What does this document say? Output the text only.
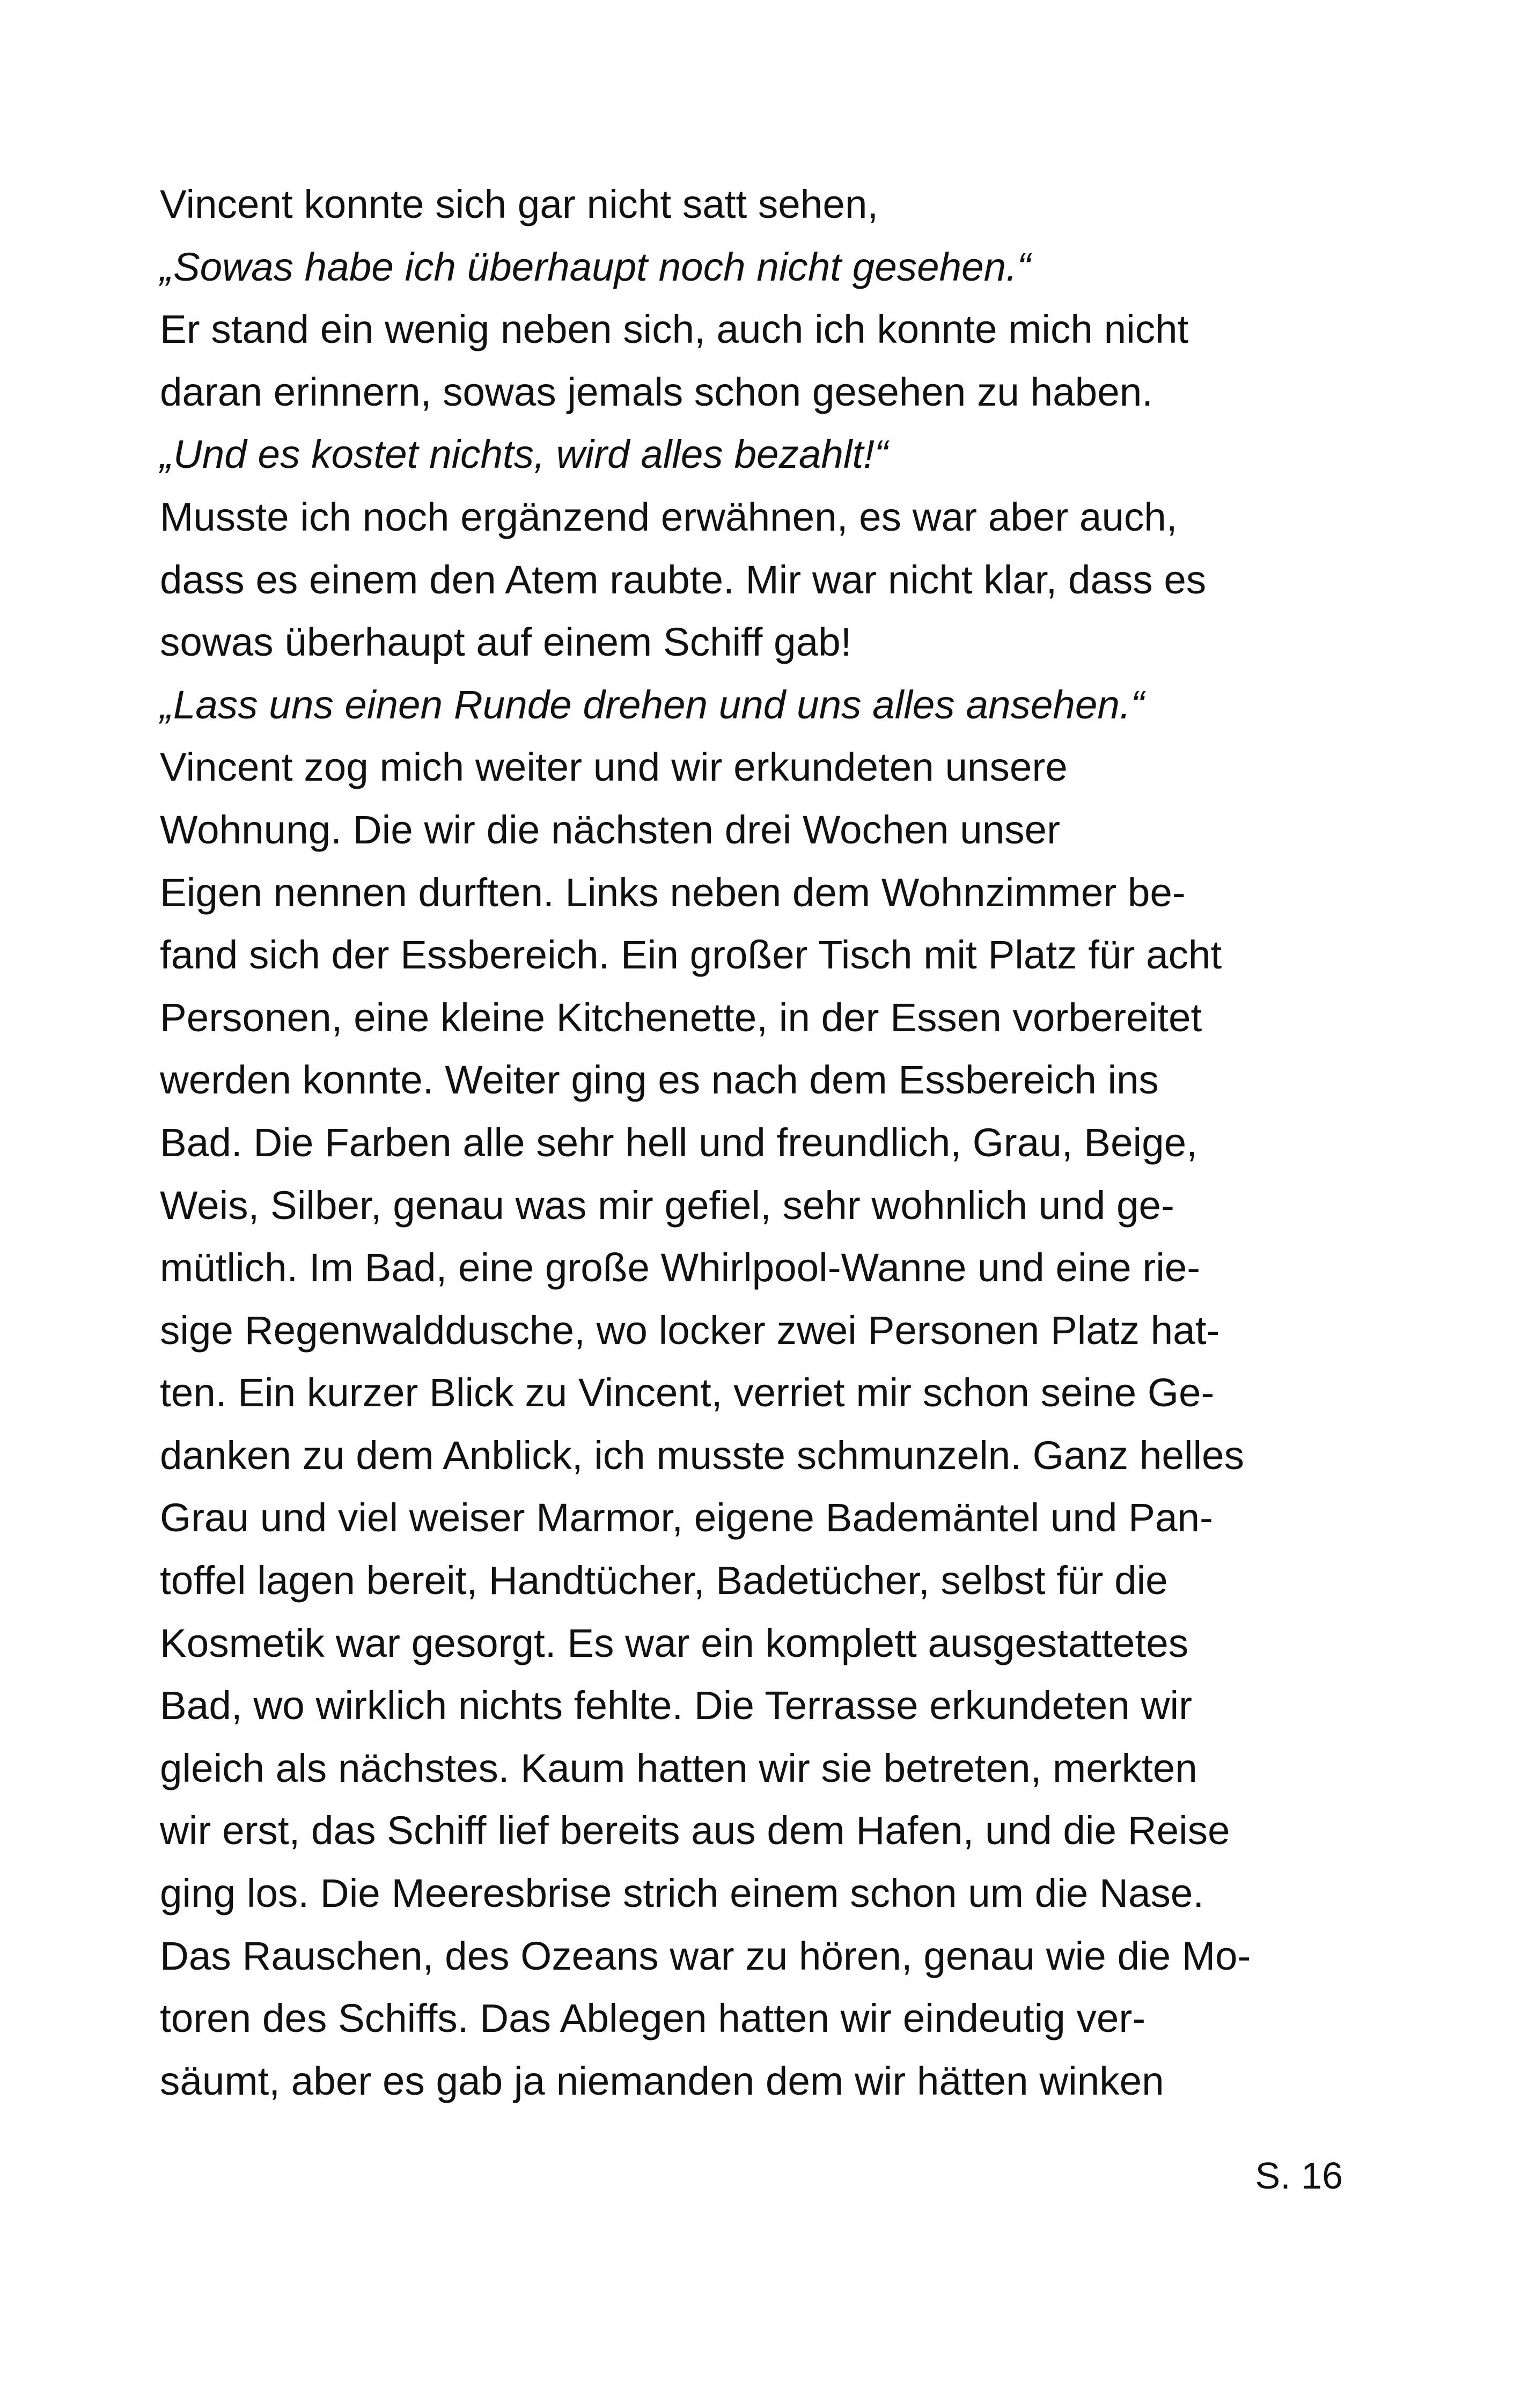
Vincent konnte sich gar nicht satt sehen,
„Sowas habe ich überhaupt noch nicht gesehen.“
Er stand ein wenig neben sich, auch ich konnte mich nicht
daran erinnern, sowas jemals schon gesehen zu haben.
„Und es kostet nichts, wird alles bezahlt!“
Musste ich noch ergänzend erwähnen, es war aber auch,
dass es einem den Atem raubte. Mir war nicht klar, dass es
sowas überhaupt auf einem Schiff gab!
„Lass uns einen Runde drehen und uns alles ansehen.“
Vincent zog mich weiter und wir erkundeten unsere
Wohnung. Die wir die nächsten drei Wochen unser
Eigen nennen durften. Links neben dem Wohnzimmer be-
fand sich der Essbereich. Ein großer Tisch mit Platz für acht
Personen, eine kleine Kitchenette, in der Essen vorbereitet
werden konnte. Weiter ging es nach dem Essbereich ins
Bad. Die Farben alle sehr hell und freundlich, Grau, Beige,
Weis, Silber, genau was mir gefiel, sehr wohnlich und ge-
mütlich. Im Bad, eine große Whirlpool-Wanne und eine rie-
sige Regenwalddusche, wo locker zwei Personen Platz hat-
ten. Ein kurzer Blick zu Vincent, verriet mir schon seine Ge-
danken zu dem Anblick, ich musste schmunzeln. Ganz helles
Grau und viel weiser Marmor, eigene Bademäntel und Pan-
toffel lagen bereit, Handtücher, Badetücher, selbst für die
Kosmetik war gesorgt. Es war ein komplett ausgestattetes
Bad, wo wirklich nichts fehlte. Die Terrasse erkundeten wir
gleich als nächstes. Kaum hatten wir sie betreten, merkten
wir erst, das Schiff lief bereits aus dem Hafen, und die Reise
ging los. Die Meeresbrise strich einem schon um die Nase.
Das Rauschen, des Ozeans war zu hören, genau wie die Mo-
toren des Schiffs. Das Ablegen hatten wir eindeutig ver-
säumt, aber es gab ja niemanden dem wir hätten winken
S. 16
